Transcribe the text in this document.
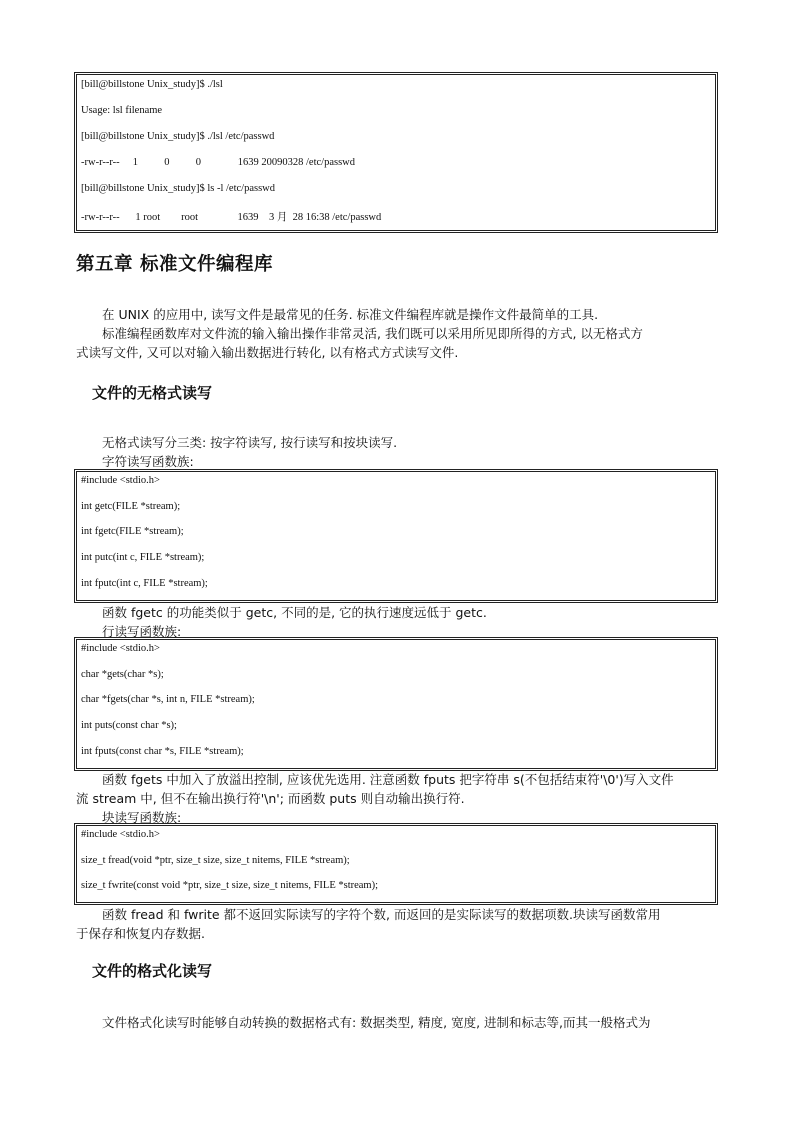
[bill@billstone Unix_study]$ ./lsl
Usage: lsl filename
[bill@billstone Unix_study]$ ./lsl /etc/passwd
-rw-r--r--     1          0          0              1639 20090328 /etc/passwd
[bill@billstone Unix_study]$ ls -l /etc/passwd
-rw-r--r--      1 root        root               1639    3 月  28 16:38 /etc/passwd
第五章 标准文件编程库
在 UNIX 的应用中, 读写文件是最常见的任务. 标准文件编程库就是操作文件最简单的工具.
标准编程函数库对文件流的输入输出操作非常灵活, 我们既可以采用所见即所得的方式, 以无格式方
式读写文件, 又可以对输入输出数据进行转化, 以有格式方式读写文件.
文件的无格式读写
无格式读写分三类: 按字符读写, 按行读写和按块读写.
字符读写函数族:
#include <stdio.h>
int getc(FILE *stream);
int fgetc(FILE *stream);
int putc(int c, FILE *stream);
int fputc(int c, FILE *stream);
函数 fgetc 的功能类似于 getc, 不同的是, 它的执行速度远低于 getc.
行读写函数族:
#include <stdio.h>
char *gets(char *s);
char *fgets(char *s, int n, FILE *stream);
int puts(const char *s);
int fputs(const char *s, FILE *stream);
函数 fgets 中加入了放溢出控制, 应该优先选用. 注意函数 fputs 把字符串 s(不包括结束符'\0')写入文件
流 stream 中, 但不在输出换行符'\n'; 而函数 puts 则自动输出换行符.
块读写函数族:
#include <stdio.h>
size_t fread(void *ptr, size_t size, size_t nitems, FILE *stream);
size_t fwrite(const void *ptr, size_t size, size_t nitems, FILE *stream);
函数 fread 和 fwrite 都不返回实际读写的字符个数, 而返回的是实际读写的数据项数.块读写函数常用
于保存和恢复内存数据.
文件的格式化读写
文件格式化读写时能够自动转换的数据格式有: 数据类型, 精度, 宽度, 进制和标志等,而其一般格式为
